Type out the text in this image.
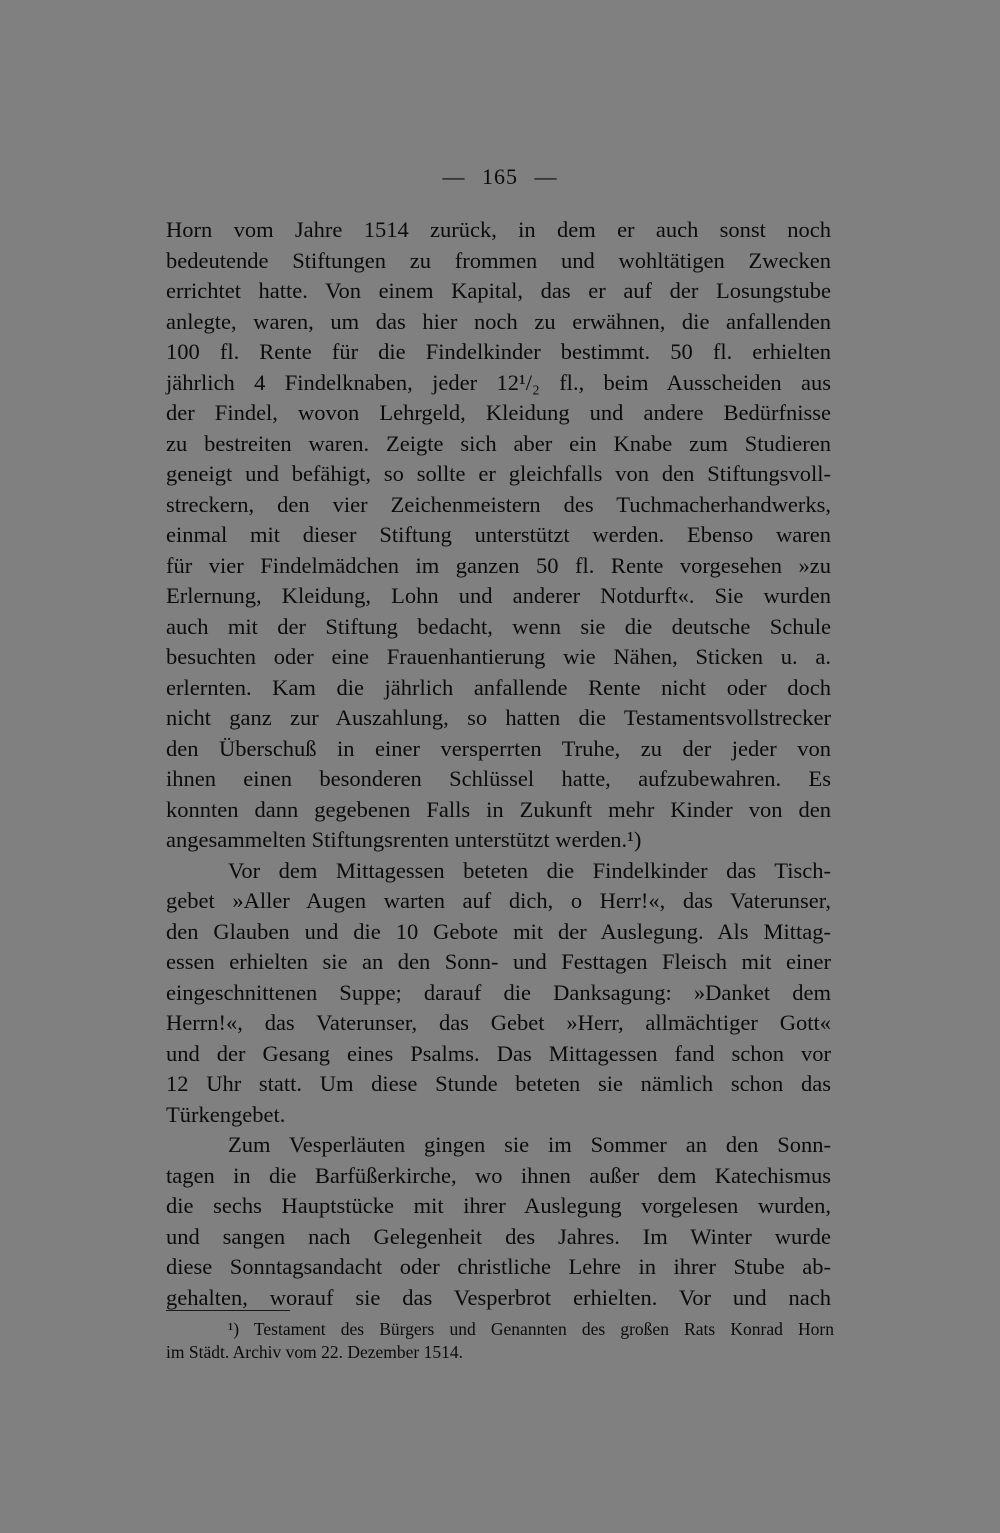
— 165 —
Horn vom Jahre 1514 zurück, in dem er auch sonst noch
bedeutende Stiftungen zu frommen und wohltätigen Zwecken
errichtet hatte. Von einem Kapital, das er auf der Losungstube
anlegte, waren, um das hier noch zu erwähnen, die anfallenden
100 fl. Rente für die Findelkinder bestimmt. 50 fl. erhielten
jährlich 4 Findelknaben, jeder 12¹/₂ fl., beim Ausscheiden aus
der Findel, wovon Lehrgeld, Kleidung und andere Bedürfnisse
zu bestreiten waren. Zeigte sich aber ein Knabe zum Studieren
geneigt und befähigt, so sollte er gleichfalls von den Stiftungsvoll-
streckern, den vier Zeichenmeistern des Tuchmacherhandwerks,
einmal mit dieser Stiftung unterstützt werden. Ebenso waren
für vier Findelmädchen im ganzen 50 fl. Rente vorgesehen »zu
Erlernung, Kleidung, Lohn und anderer Notdurft«. Sie wurden
auch mit der Stiftung bedacht, wenn sie die deutsche Schule
besuchten oder eine Frauenhantierung wie Nähen, Sticken u. a.
erlernten. Kam die jährlich anfallende Rente nicht oder doch
nicht ganz zur Auszahlung, so hatten die Testamentsvollstrecker
den Überschuß in einer versperrten Truhe, zu der jeder von
ihnen einen besonderen Schlüssel hatte, aufzubewahren. Es
konnten dann gegebenen Falls in Zukunft mehr Kinder von den
angesammelten Stiftungsrenten unterstützt werden.¹)
Vor dem Mittagessen beteten die Findelkinder das Tisch-
gebet »Aller Augen warten auf dich, o Herr!«, das Vaterunser,
den Glauben und die 10 Gebote mit der Auslegung. Als Mittag-
essen erhielten sie an den Sonn- und Festtagen Fleisch mit einer
eingeschnittenen Suppe; darauf die Danksagung: »Danket dem
Herrn!«, das Vaterunser, das Gebet »Herr, allmächtiger Gott«
und der Gesang eines Psalms. Das Mittagessen fand schon vor
12 Uhr statt. Um diese Stunde beteten sie nämlich schon das
Türkengebet.
Zum Vesperläuten gingen sie im Sommer an den Sonn-
tagen in die Barfüßerkirche, wo ihnen außer dem Katechismus
die sechs Hauptstücke mit ihrer Auslegung vorgelesen wurden,
und sangen nach Gelegenheit des Jahres. Im Winter wurde
diese Sonntagsandacht oder christliche Lehre in ihrer Stube ab-
gehalten, worauf sie das Vesperbrot erhielten. Vor und nach
¹) Testament des Bürgers und Genannten des großen Rats Konrad Horn
im Städt. Archiv vom 22. Dezember 1514.
